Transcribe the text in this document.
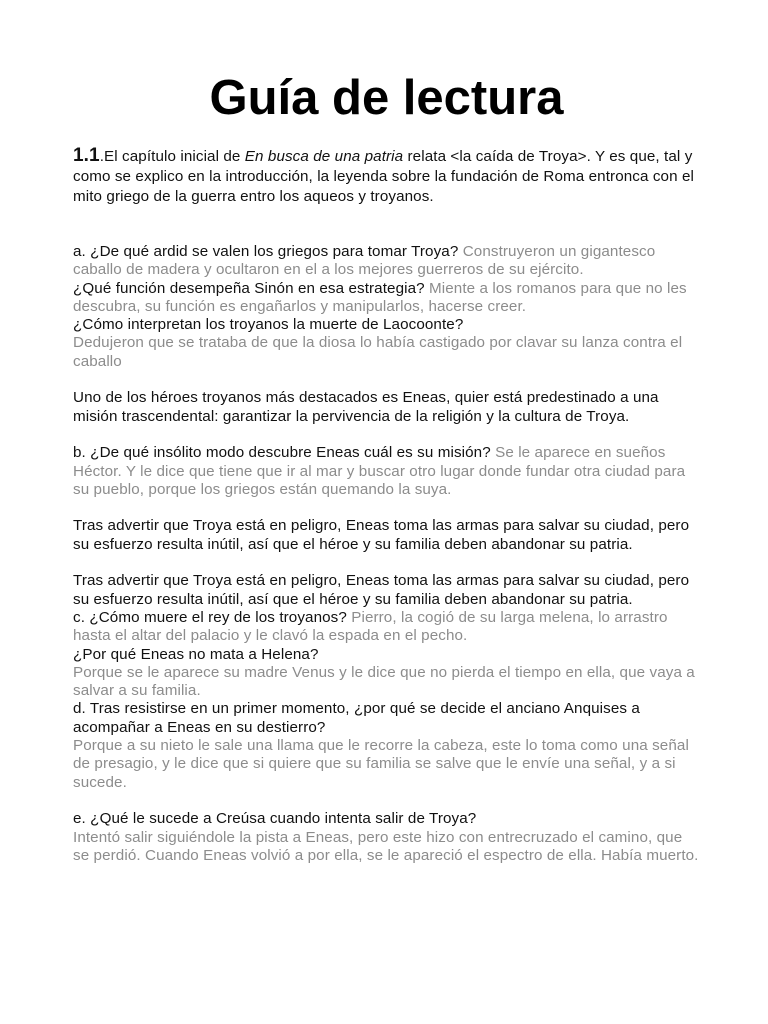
Guía de lectura

1.1.El capítulo inicial de En busca de una patria relata <la caída de Troya>. Y es que, tal y como se explico en la introducción, la leyenda sobre la fundación de Roma entronca con el mito griego de la guerra entro los aqueos y troyanos.

a. ¿De qué ardid se valen los griegos para tomar Troya? Construyeron un gigantesco caballo de madera y ocultaron en el a los mejores guerreros de su ejército.

¿Qué función desempeña Sinón en esa estrategia? Miente a los romanos para que no les descubra, su función es engañarlos y manipularlos, hacerse creer.

¿Cómo interpretan los troyanos la muerte de Laocoonte?

Dedujeron que se trataba de que la diosa lo había castigado por clavar su lanza contra el caballo

Uno de los héroes troyanos más destacados es Eneas, quier está predestinado a una misión trascendental: garantizar la pervivencia de la religión y la cultura de Troya.

b. ¿De qué insólito modo descubre Eneas cuál es su misión? Se le aparece en sueños Héctor. Y le dice que tiene que ir al mar y buscar otro lugar donde fundar otra ciudad para su pueblo, porque los griegos están quemando la suya.

Tras advertir que Troya está en peligro, Eneas toma las armas para salvar su ciudad, pero su esfuerzo resulta inútil, así que el héroe y su familia deben abandonar su patria.

Tras advertir que Troya está en peligro, Eneas toma las armas para salvar su ciudad, pero su esfuerzo resulta inútil, así que el héroe y su familia deben abandonar su patria.

c. ¿Cómo muere el rey de los troyanos? Pierro, la cogió de su larga melena, lo arrastro hasta el altar del palacio y le clavó la espada en el pecho.

¿Por qué Eneas no mata a Helena?

Porque se le aparece su madre Venus y le dice que no pierda el tiempo en ella, que vaya a salvar a su familia.

d. Tras resistirse en un primer momento, ¿por qué se decide el anciano Anquises a acompañar a Eneas en su destierro?

Porque a su nieto le sale una llama que le recorre la cabeza, este lo toma como una señal de presagio, y le dice que si quiere que su familia se salve que le envíe una señal, y a si sucede.

e. ¿Qué le sucede a Creúsa cuando intenta salir de Troya?

Intentó salir siguiéndole la pista a Eneas, pero este hizo con entrecruzado el camino, que se perdió. Cuando Eneas volvió a por ella, se le apareció el espectro de ella. Había muerto.
